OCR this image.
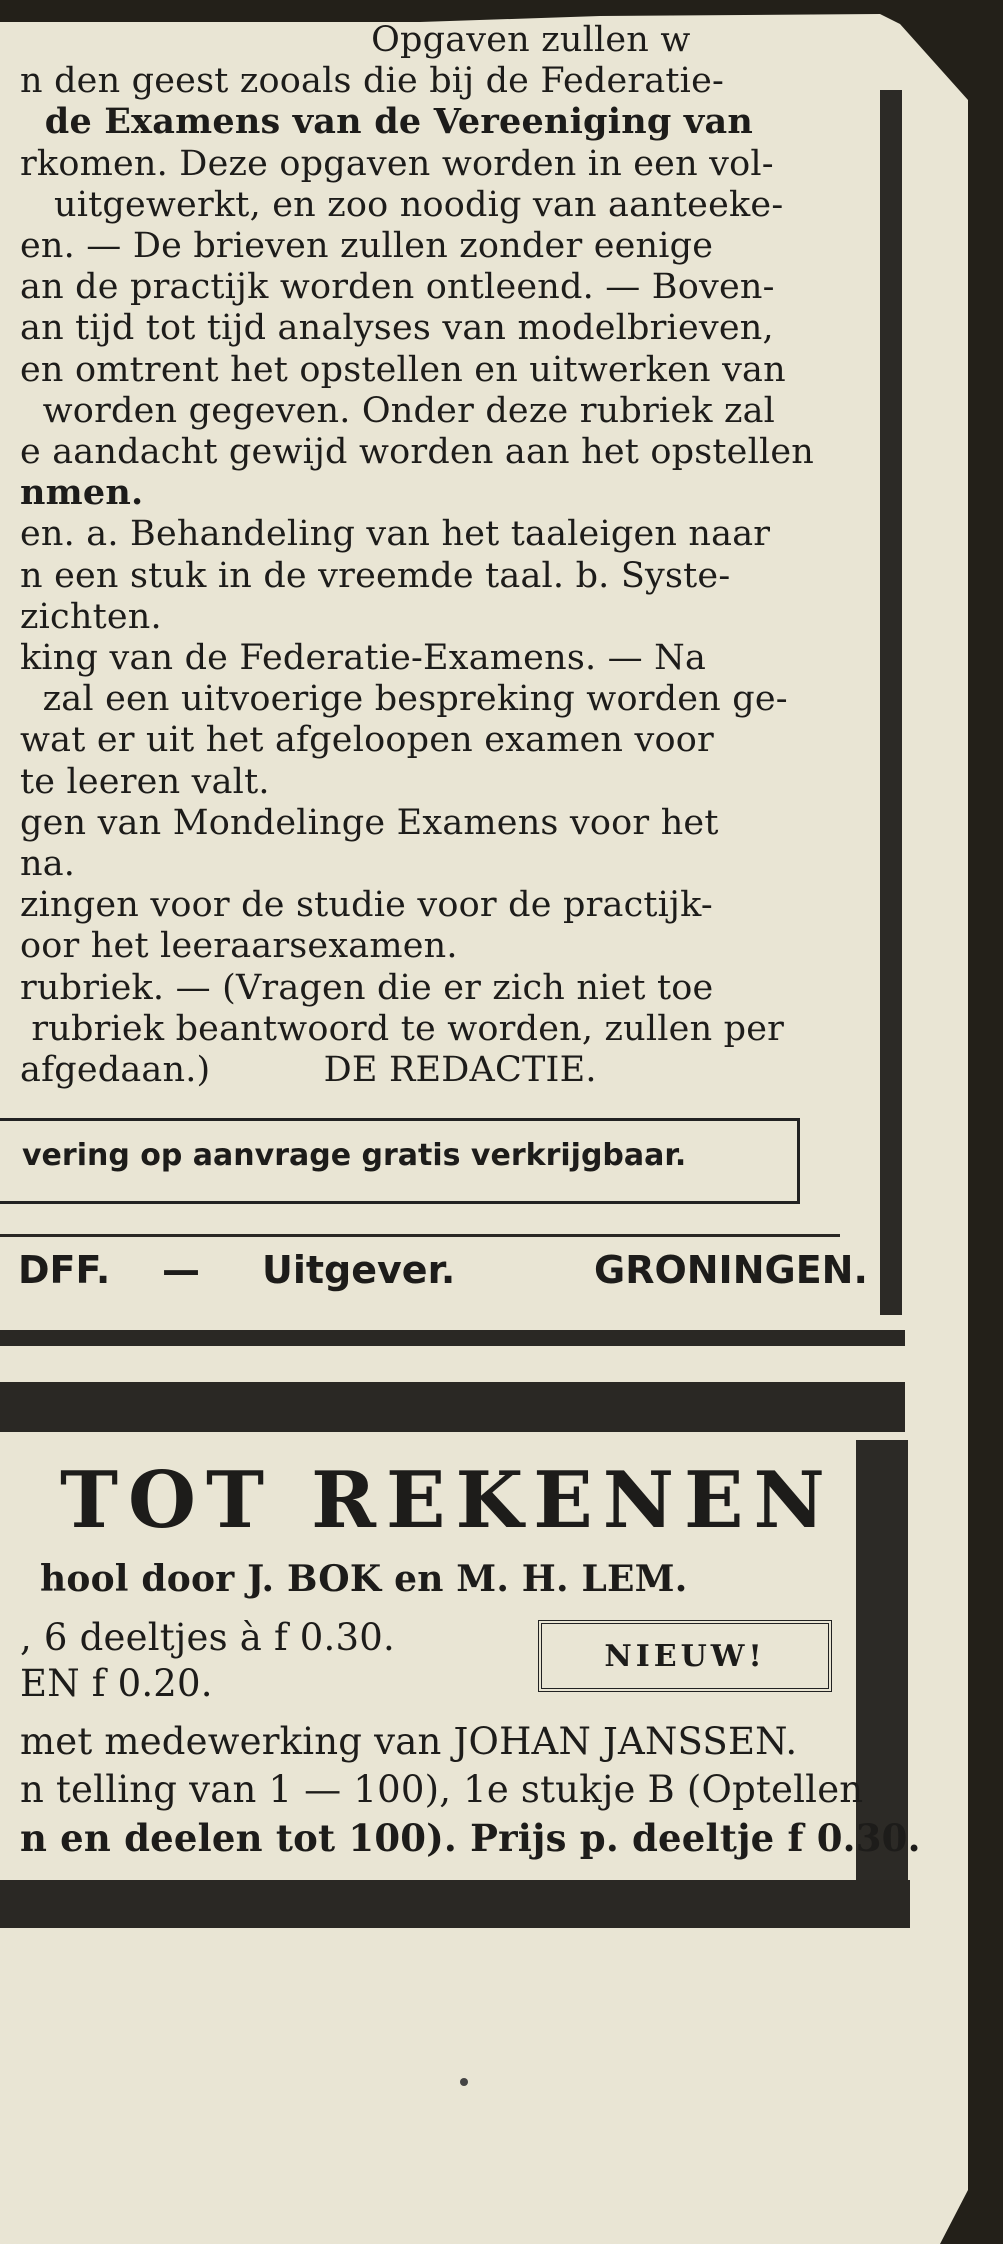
Opgaven zullen w
n den geest zooals die bij de Federatie-
de Examens van de Vereeniging van
rkomen. Deze opgaven worden in een vol-
uitgewerkt, en zoo noodig van aanteeke-
en. — De brieven zullen zonder eenige
an de practijk worden ontleend. — Boven-
an tijd tot tijd analyses van modelbrieven,
en omtrent het opstellen en uitwerken van
worden gegeven. Onder deze rubriek zal
e aandacht gewijd worden aan het opstellen
nmen.
en. a. Behandeling van het taaleigen naar
n een stuk in de vreemde taal. b. Syste-
zichten.
king van de Federatie-Examens. — Na
zal een uitvoerige bespreking worden ge-
wat er uit het afgeloopen examen voor
te leeren valt.
gen van Mondelinge Examens voor het
na.
zingen voor de studie voor de practijk-
oor het leeraarsexamen.
rubriek. — (Vragen die er zich niet toe
rubriek beantwoord te worden, zullen per
afgedaan.)          DE REDACTIE.
vering op aanvrage gratis verkrijgbaar.
DFF. — Uitgever.	GRONINGEN.
TOT REKENEN
hool door J. BOK en M. H. LEM.
, 6 deeltjes à f 0.30.
EN f 0.20.
NIEUW!
met medewerking van JOHAN JANSSEN.
n telling van 1 — 100), 1e stukje B (Optellen
n en deelen tot 100). Prijs p. deeltje f 0.30.
